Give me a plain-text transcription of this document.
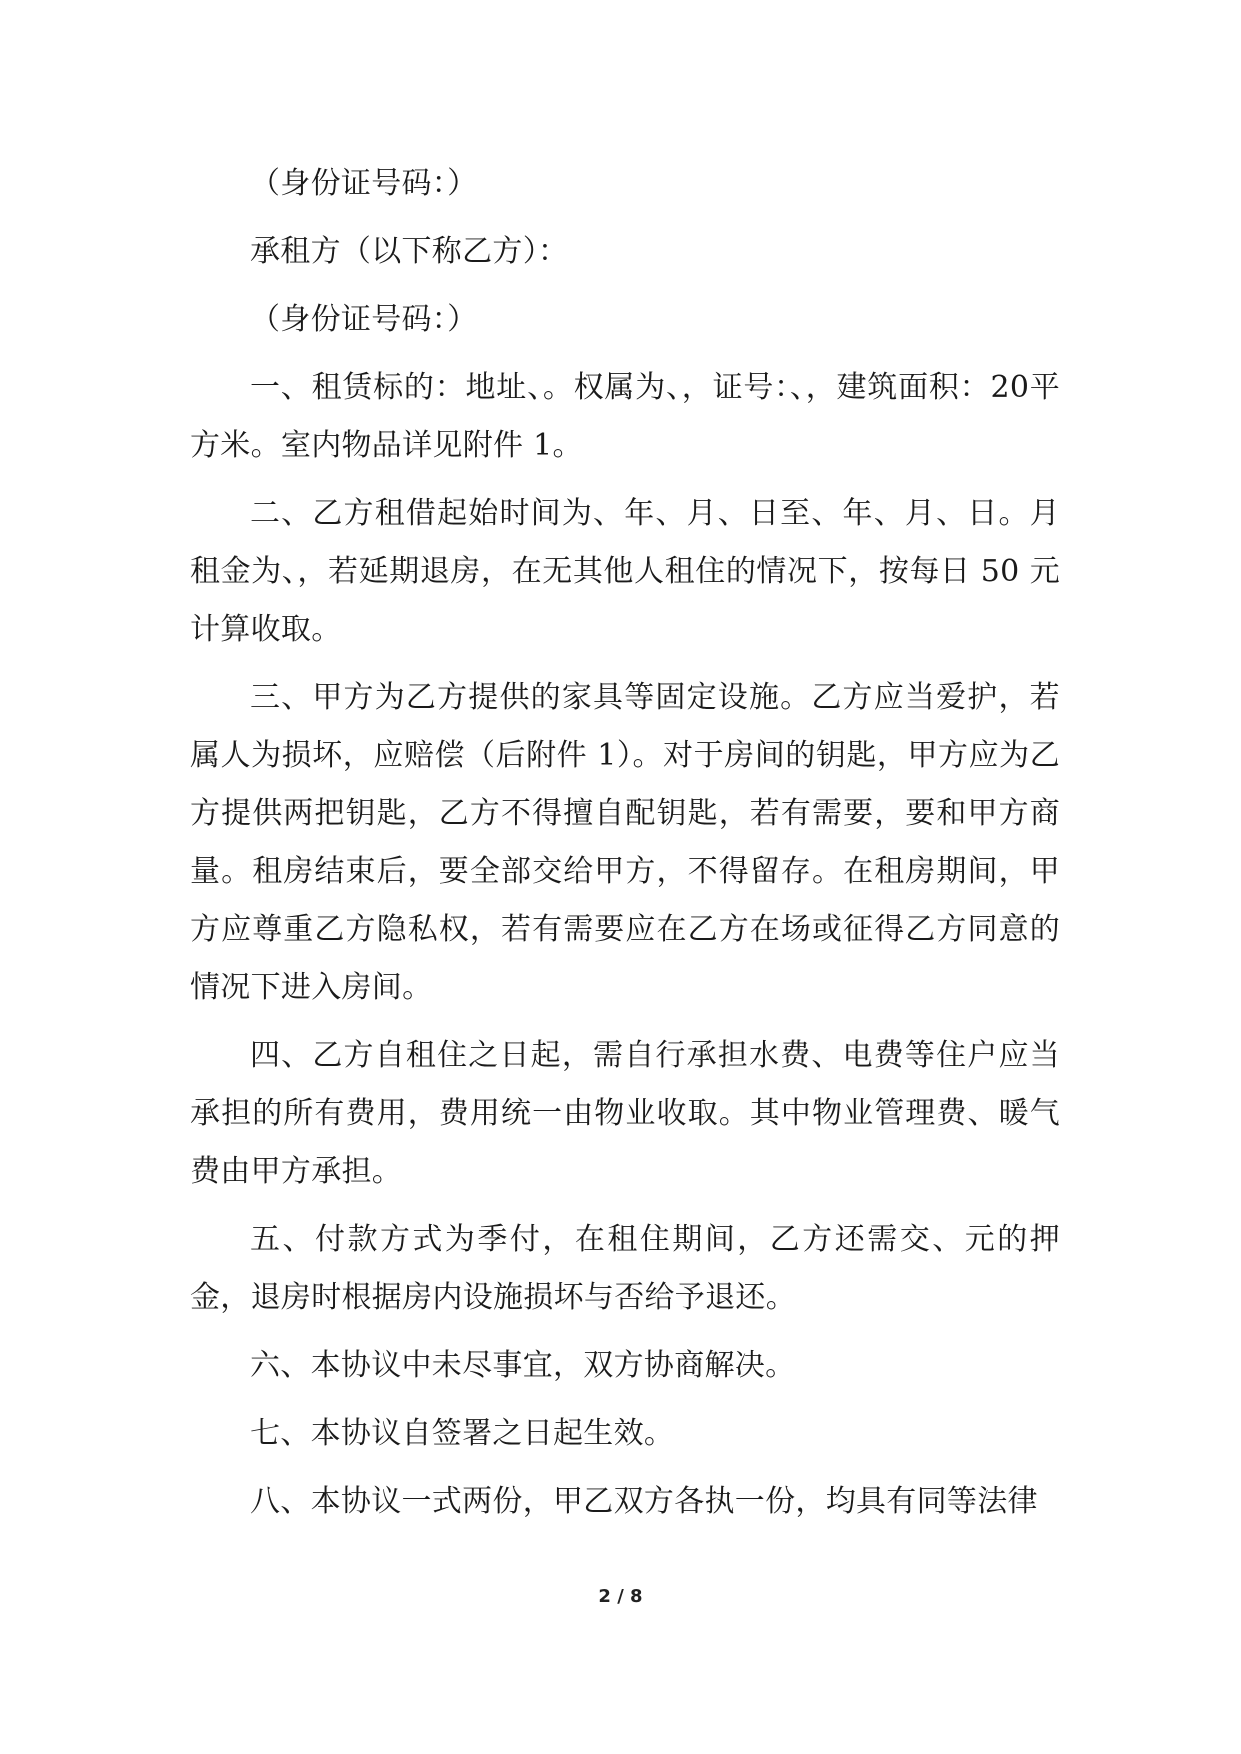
（身份证号码：）

承租方（以下称乙方）：

（身份证号码：）

一、租赁标的：地址、。权属为、，证号：、，建筑面积：20平方米。室内物品详见附件 1。

二、乙方租借起始时间为、年、月、日至、年、月、日。月租金为、，若延期退房，在无其他人租住的情况下，按每日 50 元计算收取。

三、甲方为乙方提供的家具等固定设施。乙方应当爱护，若属人为损坏，应赔偿（后附件 1）。对于房间的钥匙，甲方应为乙方提供两把钥匙，乙方不得擅自配钥匙，若有需要，要和甲方商量。租房结束后，要全部交给甲方，不得留存。在租房期间，甲方应尊重乙方隐私权，若有需要应在乙方在场或征得乙方同意的情况下进入房间。

四、乙方自租住之日起，需自行承担水费、电费等住户应当承担的所有费用，费用统一由物业收取。其中物业管理费、暖气费由甲方承担。

五、付款方式为季付，在租住期间，乙方还需交、元的押金，退房时根据房内设施损坏与否给予退还。

六、本协议中未尽事宜，双方协商解决。

七、本协议自签署之日起生效。

八、本协议一式两份，甲乙双方各执一份，均具有同等法律

2 / 8
